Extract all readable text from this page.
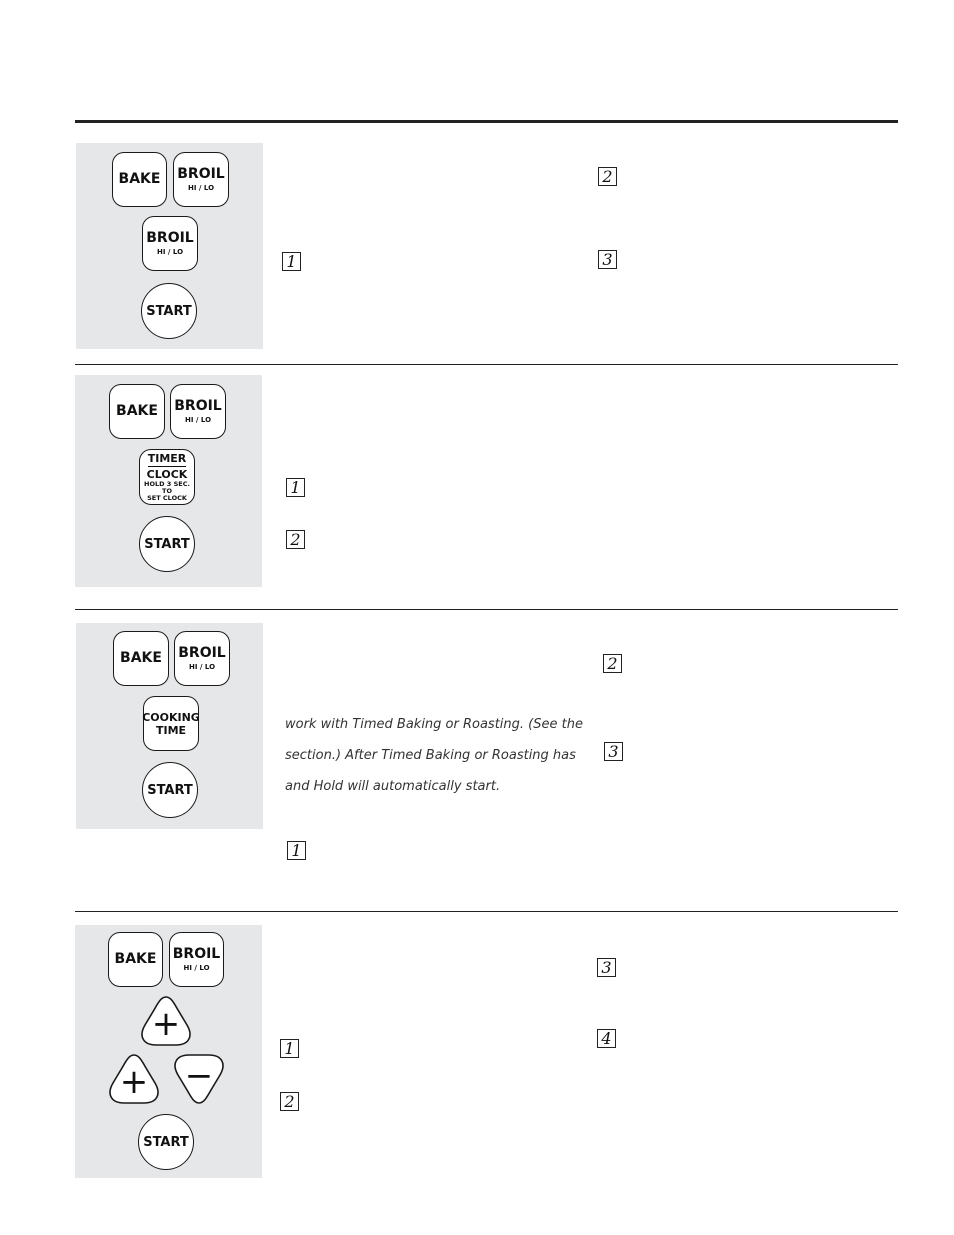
BAKE BROIL
HI / LO
BROIL
HI / LO
START
1
2
3
BAKE BROIL
HI / LO
TIMER
CLOCK
HOLD 3 SEC. TO
SET CLOCK
START
1
2
BAKE BROIL
HI / LO
COOKING
TIME
START
work with Timed Baking or Roasting. (See the
section.) After Timed Baking or Roasting has
and Hold will automatically start.
1
2
3
BAKE BROIL
HI / LO
+
+ −
START
1
2
3
4
